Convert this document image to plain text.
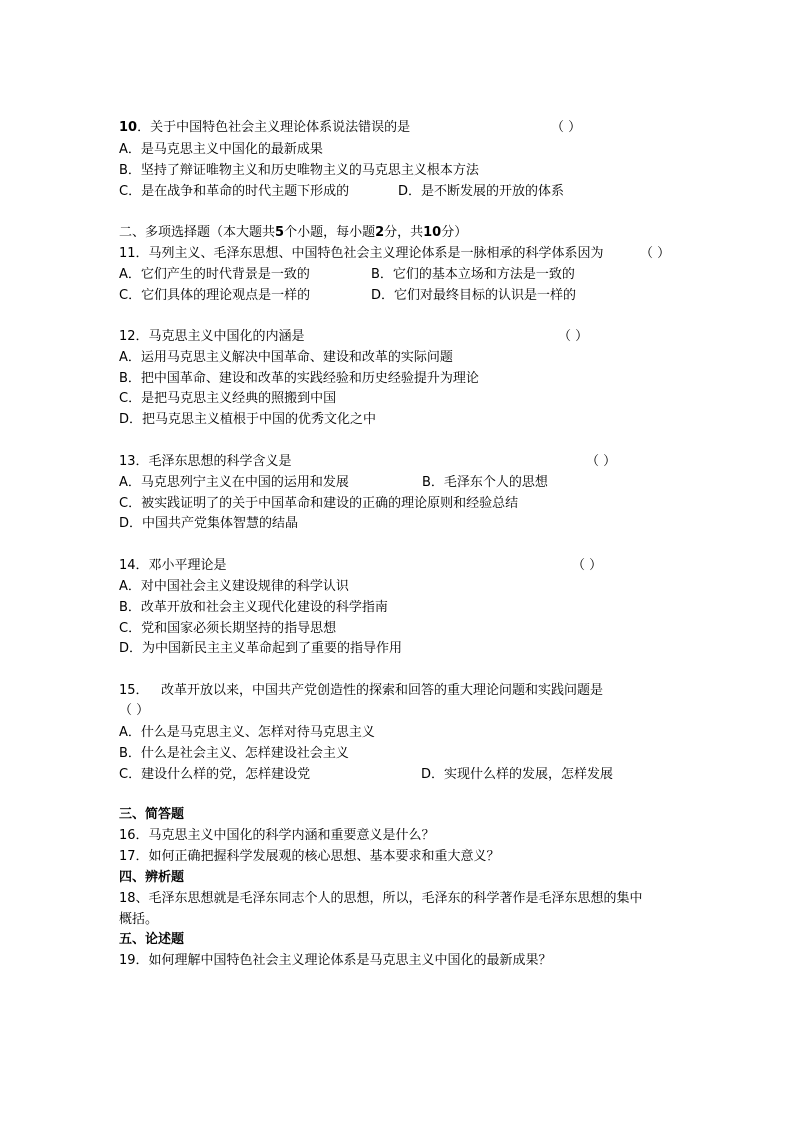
10．关于中国特色社会主义理论体系说法错误的是	（ ）
A．是马克思主义中国化的最新成果
B．坚持了辩证唯物主义和历史唯物主义的马克思主义根本方法
C．是在战争和革命的时代主题下形成的	D．是不断发展的开放的体系
二、多项选择题（本大题共5个小题，每小题2分，共10分）
11．马列主义、毛泽东思想、中国特色社会主义理论体系是一脉相承的科学体系因为	（ ）
A．它们产生的时代背景是一致的	B．它们的基本立场和方法是一致的
C．它们具体的理论观点是一样的	D．它们对最终目标的认识是一样的
12．马克思主义中国化的内涵是	（ ）
A．运用马克思主义解决中国革命、建设和改革的实际问题
B．把中国革命、建设和改革的实践经验和历史经验提升为理论
C．是把马克思主义经典的照搬到中国
D．把马克思主义植根于中国的优秀文化之中
13．毛泽东思想的科学含义是	（ ）
A．马克思列宁主义在中国的运用和发展	B．毛泽东个人的思想
C．被实践证明了的关于中国革命和建设的正确的理论原则和经验总结
D．中国共产党集体智慧的结晶
14．邓小平理论是	（ ）
A．对中国社会主义建设规律的科学认识
B．改革开放和社会主义现代化建设的科学指南
C．党和国家必须长期坚持的指导思想
D．为中国新民主主义革命起到了重要的指导作用
15．   改革开放以来，中国共产党创造性的探索和回答的重大理论问题和实践问题是
（ ）
A．什么是马克思主义、怎样对待马克思主义
B．什么是社会主义、怎样建设社会主义
C．建设什么样的党，怎样建设党	D．实现什么样的发展，怎样发展
三、简答题
16．马克思主义中国化的科学内涵和重要意义是什么？
17．如何正确把握科学发展观的核心思想、基本要求和重大意义？
四、辨析题
18、毛泽东思想就是毛泽东同志个人的思想，所以，毛泽东的科学著作是毛泽东思想的集中
概括。
五、论述题
19．如何理解中国特色社会主义理论体系是马克思主义中国化的最新成果？
